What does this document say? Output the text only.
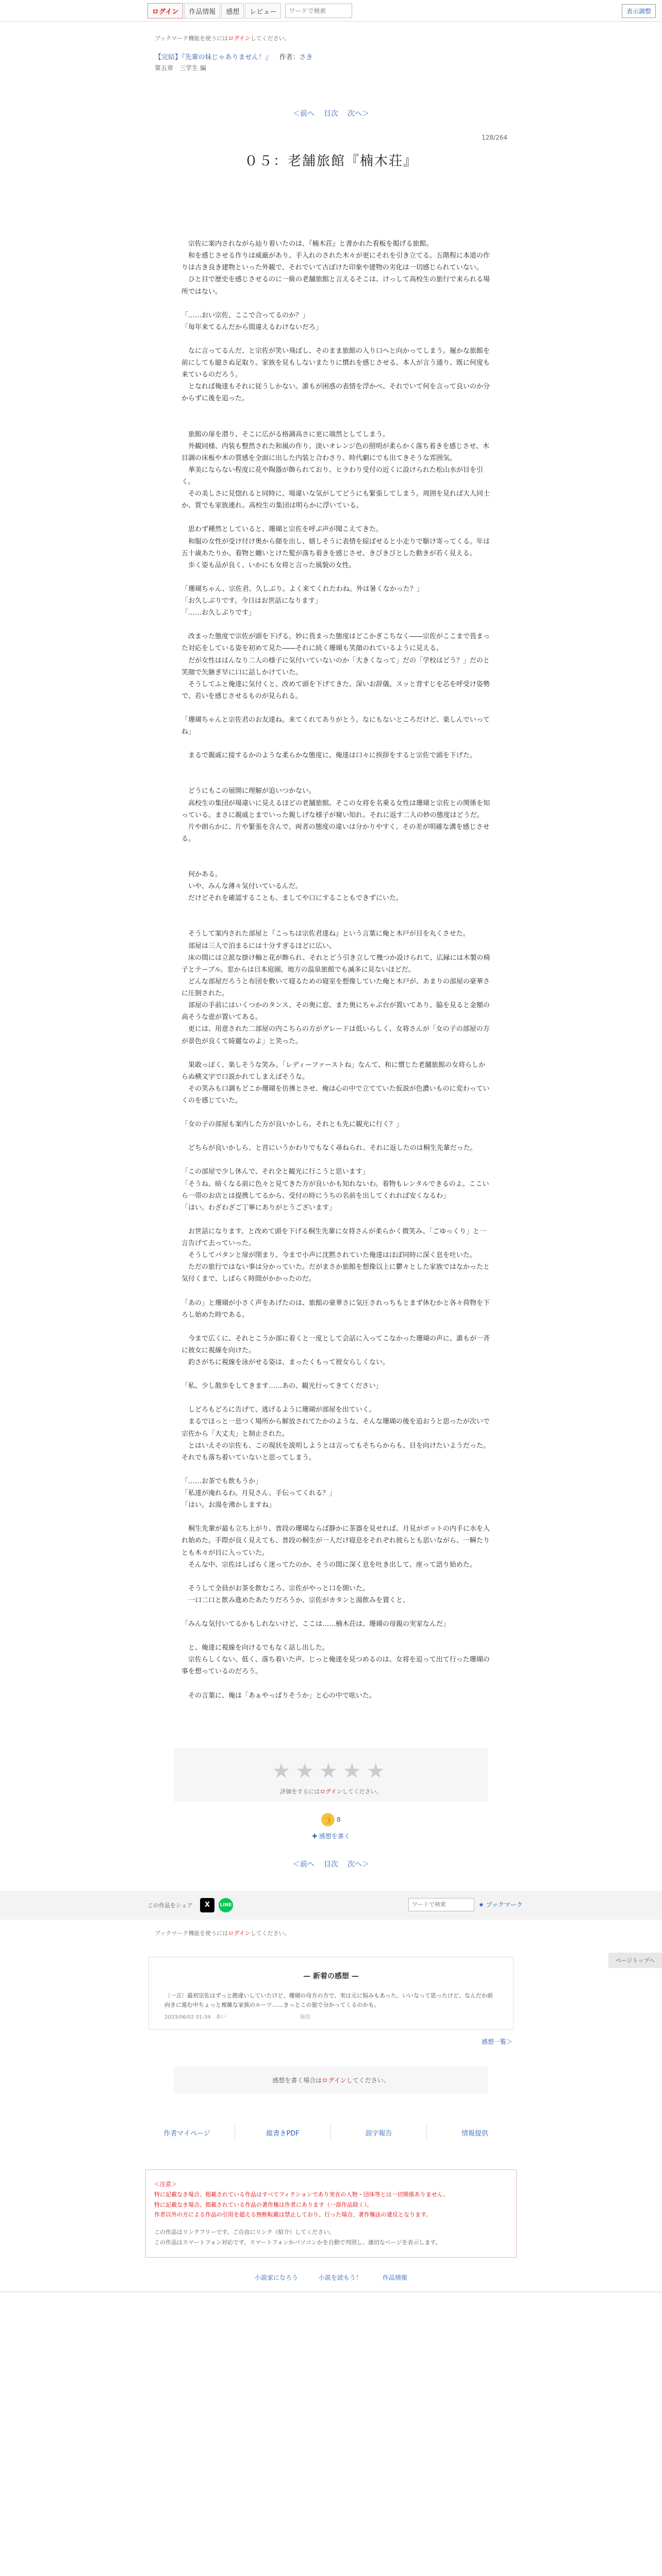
ログイン	作品情報	感想	レビュー
ワードで検索	表示調整
ブックマーク機能を使うにはログインしてください。
【完結】『先輩の妹じゃありません！』 作者：さき
第五章　三学生 編
＜前へ 目次 次へ＞
128/264
０５：老舗旅館『楠木荘』

　宗佐に案内されながら辿り着いたのは、『楠木荘』と書かれた看板を掲げる旅館。

　和を感じさせる作りは威厳があり、手入れのされた木々が更にそれを引き立てる。五階程に本道の作りは古き良き建物といった外観で、それでいて古ぼけた印象や建物の劣化は一切感じられていない。

　ひと目で歴史を感じさせるのに一級の老舗旅館と言えるそこは、けっして高校生の旅行で来られる場所ではない。

「……おい宗佐、ここで合ってるのか？」

「毎年来てるんだから間違えるわけないだろ」

　なに言ってるんだ、と宗佐が笑い飛ばし、そのまま旅館の入り口へと向かってしまう。履かな旅館を前にしても臆さぬ足取り。家族を見もしないまたりに慣れを感じさせる。本人が言う通り、既に何度も来ているのだろう。

　となれば俺達もそれに従うしかない。誰もが困惑の表情を浮かべ、それでいて何を言って良いのか分からずに後を追った。

　旅館の扉を潜り、そこに広がる格調高さに更に端然としてしまう。

　外観同様、内装も整然された和風の作り。淡いオレンジ色の照明が柔らかく落ち着きを感じさせ、木目調の床板や木の質感を全面に出した内装と合わさり、時代劇にでも出てきそうな雰囲気。

　華美にならない程度に花や陶器が飾られており、ヒラわり受付の近くに設けられた松山水が目を引く。

　その美しさに見惚れると同時に、場違いな気がしてどうにも緊張してしまう。周囲を見れば大人同士か、質でも家族連れ。高校生の集団は明らかに浮いている。

　思わず種然としていると、珊瑚と宗佐を呼ぶ声が聞こえてきた。

　和服の女性が受け付け奥から顔を出し、嬉しそうに表情を綻ばせると小走りで駆け寄ってくる。年は五十歳あたりか。着物と纏いとけた髪が落ち着きを感じさせ、きびきびとした動きが若く見える。

　歩く姿も品が良く、いかにも女将と言った風貌の女性。

「珊瑚ちゃん、宗佐君、久しぶり。よく来てくれたわね。外は暑くなかった？」

「お久しぶりです。今日はお世話になります」

「……お久しぶりです」

　改まった態度で宗佐が頭を下げる。妙に畏まった態度はどこかぎこちなく――宗佐がここまで畏まった対応をしている姿を初めて見た――それに続く珊瑚も笑顔のれているように見える。

　だが女性ははんなり二人の様子に気付いていないのか「大きくなって」だの「学校はどう？」だのと笑顔で矢継ぎ早に口に話しかけていた。

　そうしてふと俺達に気付くと、改めて頭を下げてきた。深いお辞儀。スッと背すじを芯を呼受け姿勢で、若いを感じさせるものが見られる。

「珊瑚ちゃんと宗佐君のお友達ね。来てくれてありがとう。なにもないところだけど、楽しんでいってね」

　まるで親戚に接するかのような柔らかな態度に、俺達は口々に挨拶をすると宗佐で頭を下げた。

　どうにもこの展開に理解が追いつかない。

　高校生の集団が場違いに見えるほどの老舗旅館。そこの女将を名乗る女性は珊瑚と宗佐との関係を知っている。まさに親戚とまでいった親しげな様子が窺い知れ。それに返す二人の妙の態度はどうだ。

　片や朗らかに、片や緊張を含んで。両者の態度の違いは分かりやすく、その差が明確な溝を感じさせる。

　何かある。

　いや、みんな薄々気付いているんだ。

　だけどそれを確認することも、ましてや口にすることもできずにいた。

　そうして案内された部屋と『こっちは宗佐君達ね』という言葉に俺と木戸が目を丸くさせた。

　部屋は三人で泊まるには十分すぎるほどに広い。

　床の間には立派な掛け軸と花が飾られ、それとどう引き立して幾つか設けられて、広縁には木製の椅子とテーブル。窓からは日本庭園。地方の温泉旅館でも滅多に見ないほどだ。

　どんな部屋だろうと布団を敷いて寝るための寝室を想像していた俺と木戸が、あまりの部屋の豪華さに圧倒された。

　部屋の手前にはいくつかのタンス、その奥に窓、また奥にちゃぶ台が置いてあり、脇を見ると金額の高そうな壺が置いてある。

　更には、用意された二部屋の内こちらの方がグレードは低いらしく、女将さんが「女の子の部屋の方が景色が良くて綺麗なのよ」と笑った。

　果敢っぽく、楽しそうな笑み。「レディーファーストね」なんて、和に慣じた老舗旅館の女将らしからぬ横文字で口説かれてしまえばそうな。

　その笑みも口調もどこか珊瑚を彷彿とさせ、俺は心の中で立てていた仮説が色濃いものに変わっていくのを感じていた。

「女の子の部屋も案内した方が良いかしら。それとも先に観光に行く？」

　どちらが良いかしら、と首にいうかわりでもなく尋ねられ、それに返したのは桐生先輩だった。

「この部屋で少し休んで、それ全と観光に行こうと思います」

「そうね、暗くなる前に色々と見てきた方が良いかも知れないわ。着物もレンタルできるのよ。ここいら一帯のお店とは提携してるから、受付の時にうちの名前を出してくれれば安くなるわ」

「はい。わざわざご丁寧にありがとうございます」

　お世話になります、と改めて頭を下げる桐生先輩に女将さんが柔らかく微笑み、「ごゆっくり」と一言告げて去っていった。

　そうしてパタンと扉が閉まり、今まで小声に沈黙されていた俺達はほぼ同時に深く息を吐いた。

　ただの旅行ではない事は分かっていた。だがまさか旅館を想像以上に鬱々とした家族ではなかったと気付くまで、しばらく時間がかかったのだ。

「あの」と珊瑚が小さく声をあげたのは、旅館の豪華さに気圧されっちもとまず休むかと各々荷物を下ろし始めた時である。

　今まで広くに、それとこうか部に着くと一度として会話に入ってこなかった珊瑚の声に、誰もが一斉に彼女に視線を向けた。

　釣さがちに視線を泳がせる姿は、まったくもって彼女らしくない。

「私、少し散歩をしてきます……あの、観光行ってきてください」

　しどろもどろに告げて、逃げるように珊瑚が部屋を出ていく。

　まるでほっと一息つく場所から解放されてたかのような、そんな珊瑚の後を追おうと思ったが次いで宗佐から「大丈夫」と制止された。

　とはいえその宗佐も、この現状を説明しようとは言ってもそちらからも、目を向けたいようだった。それでも落ち着いていないと思ってしまう。

「……お茶でも飲もうか」

「私達が淹れるわ。月見さん、手伝ってくれる？」

「はい。お湯を沸かしますね」

　桐生先輩が最も立ち上がり、普段の珊瑚ならば静かに茶器を見せれば、月見がポットの内手に水を入れ始めた。手際が良く見えても、普段の桐生が一人だけ寝息をそれぞれ彼らとも思いながら、一瞬たりとも木々が目に入っていた。

　そんな中、宗佐はしばらく迷ってたのか、そうの間に深く息を吐き出して、座って語り始めた。

　そうして全員がお茶を飲むころ、宗佐がやっと口を開いた。

　一口二口と飲み進めたあたりだろうか、宗佐がカタンと湯飲みを置くと、

「みんな気付いてるかもしれないけど、ここは……楠木荘は、珊瑚の母親の実家なんだ」

　と、俺達に視線を向けるでもなく話し出した。

　宗佐らしくない、低く、落ち着いた声。じっと俺達を見つめるのは、女将を追って出て行った珊瑚の事を想っているのだろう。

　その言葉に、俺は「あぁやっぱりそうか」と心の中で呟いた。

ページトップへ
★★★★★
評価をするにはログインしてください。
👍 8
✚ 感想を書く
＜前へ 目次 次へ＞
この作品をシェア	X	LINE
ワードで検索	★ ブックマーク
ブックマーク機能を使うにはログインしてください。
— 新着の感想 —
〔一言〕最初宗佐はずっと勘違いしていたけど、珊瑚の母方の方で、実は元に悩みもあった。いいなって思ったけど、なんだか前向きに進む中ちょっと複雑な家族のルーツ……きっとこの旅で分かってくるのかも。
2023/06/02 01:34　あい	返信
感想一覧＞
感想を書く場合はログインしてください。
作者マイページ	縦書きPDF	誤字報告	情報提供
＜注意＞
特に記載なき場合、掲載されている作品はすべてフィクションであり実在の人物・団体等とは一切関係ありません。
特に記載なき場合、掲載されている作品の著作権は作者にあります（一部作品除く）。
作者以外の方による作品の引用を超える無断転載は禁止しており、行った場合、著作権法の違反となります。
この作品はリンクフリーです。ご自由にリンク（紹介）してください。
この作品はスマートフォン対応です。スマートフォンかパソコンかを自動で判別し、適切なページを表示します。
小説家になろう	小説を読もう！	作品情報
